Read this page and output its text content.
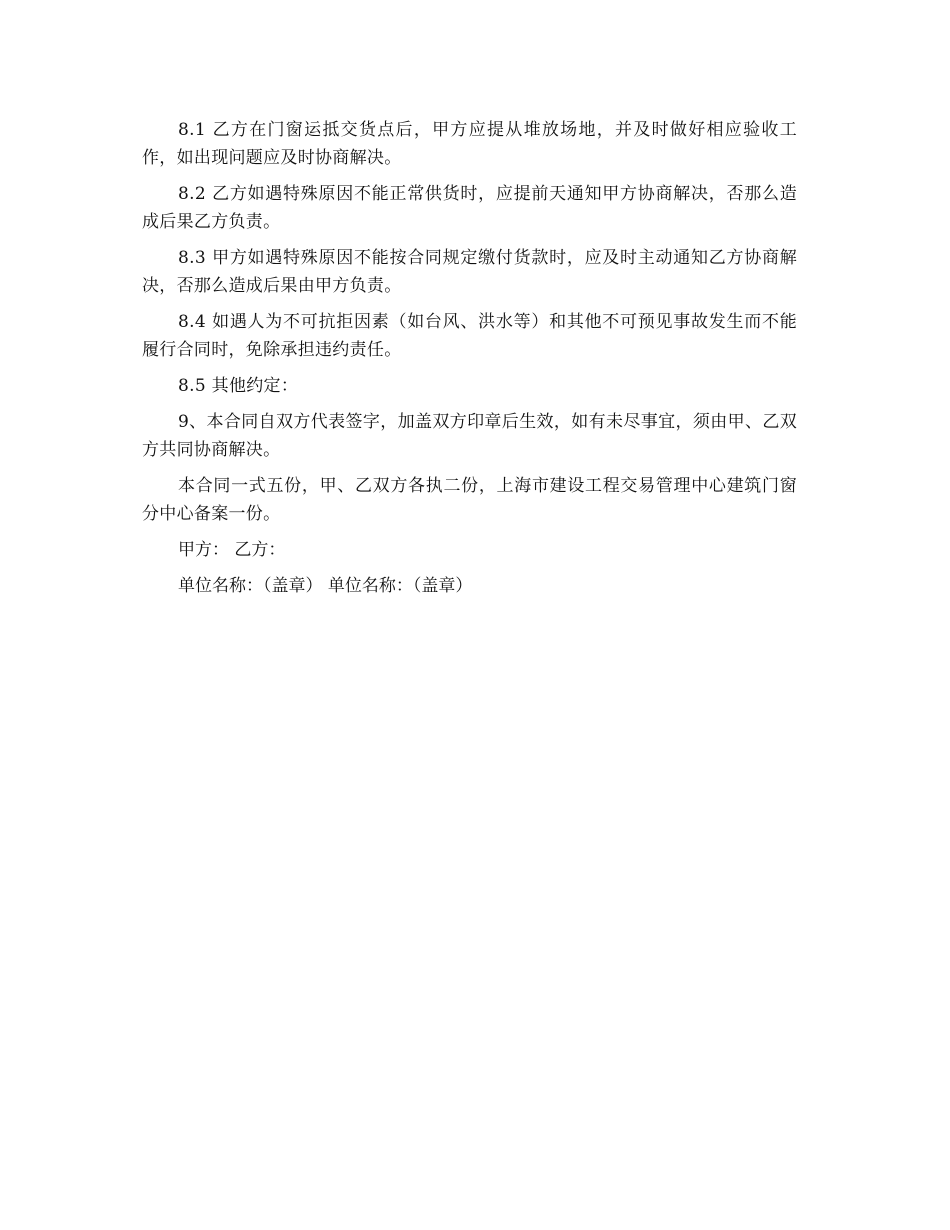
8.1 乙方在门窗运抵交货点后，甲方应提从堆放场地，并及时做好相应验收工作，如出现问题应及时协商解决。

8.2 乙方如遇特殊原因不能正常供货时，应提前天通知甲方协商解决，否那么造成后果乙方负责。

8.3 甲方如遇特殊原因不能按合同规定缴付货款时，应及时主动通知乙方协商解决，否那么造成后果由甲方负责。

8.4 如遇人为不可抗拒因素（如台风、洪水等）和其他不可预见事故发生而不能履行合同时，免除承担违约责任。

8.5 其他约定：

9、本合同自双方代表签字，加盖双方印章后生效，如有未尽事宜，须由甲、乙双方共同协商解决。

本合同一式五份，甲、乙双方各执二份，上海市建设工程交易管理中心建筑门窗分中心备案一份。

甲方： 乙方：
单位名称：（盖章） 单位名称：（盖章）
